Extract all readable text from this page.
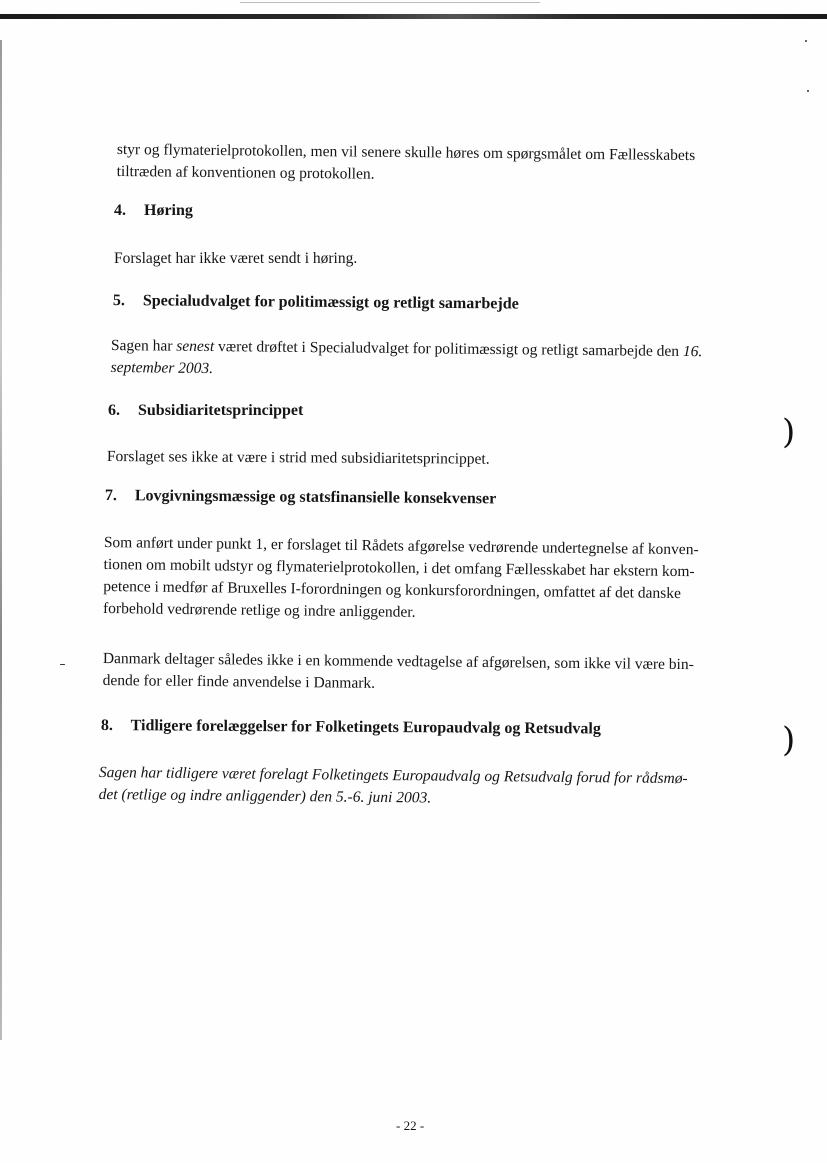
styr og flymaterielprotokollen, men vil senere skulle høres om spørgsmålet om Fællesskabets
tiltræden af konventionen og protokollen.
4. Høring
Forslaget har ikke været sendt i høring.
5. Specialudvalget for politimæssigt og retligt samarbejde
Sagen har senest været drøftet i Specialudvalget for politimæssigt og retligt samarbejde den 16.
september 2003.
6. Subsidiaritetsprincippet
Forslaget ses ikke at være i strid med subsidiaritetsprincippet.
7. Lovgivningsmæssige og statsfinansielle konsekvenser
Som anført under punkt 1, er forslaget til Rådets afgørelse vedrørende undertegnelse af konven-
tionen om mobilt udstyr og flymaterielprotokollen, i det omfang Fællesskabet har ekstern kom-
petence i medfør af Bruxelles I-forordningen og konkursforordningen, omfattet af det danske
forbehold vedrørende retlige og indre anliggender.
Danmark deltager således ikke i en kommende vedtagelse af afgørelsen, som ikke vil være bin-
dende for eller finde anvendelse i Danmark.
8. Tidligere forelæggelser for Folketingets Europaudvalg og Retsudvalg
Sagen har tidligere været forelagt Folketingets Europaudvalg og Retsudvalg forud for rådsmø-
det (retlige og indre anliggender) den 5.-6. juni 2003.
- 22 -
)
)
